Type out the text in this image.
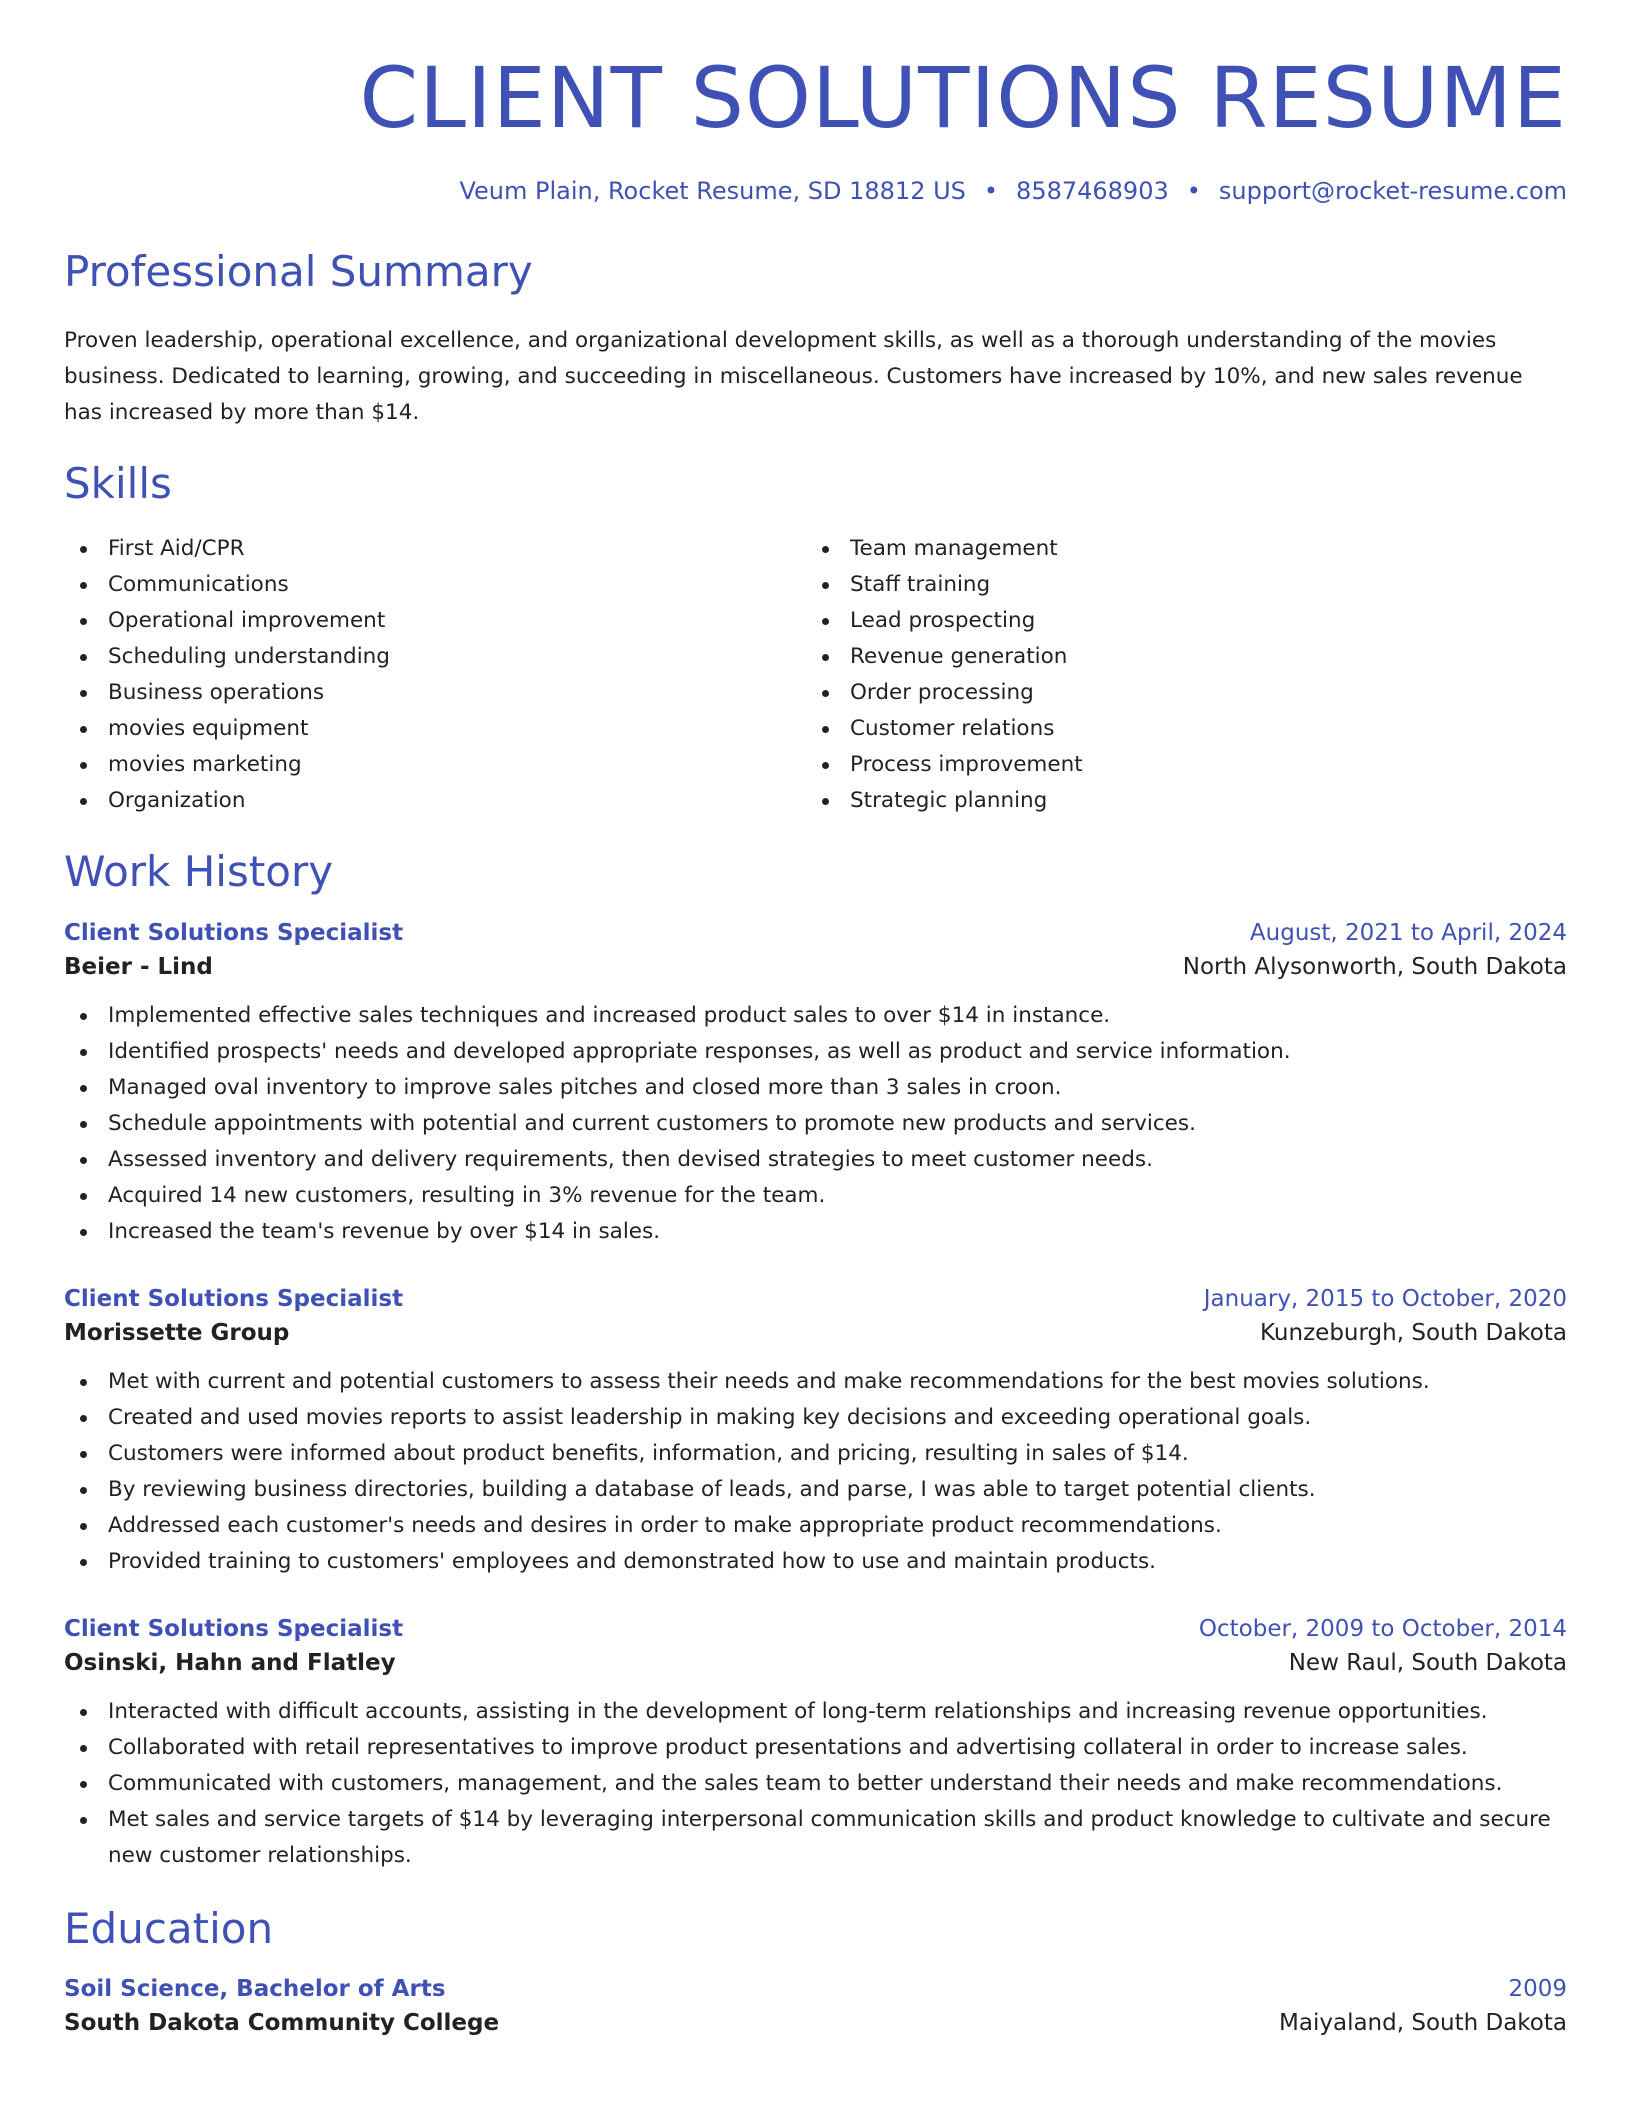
CLIENT SOLUTIONS RESUME
Veum Plain, Rocket Resume, SD 18812 US • 8587468903 • support@rocket-resume.com
Professional Summary

Proven leadership, operational excellence, and organizational development skills, as well as a thorough understanding of the movies business. Dedicated to learning, growing, and succeeding in miscellaneous. Customers have increased by 10%, and new sales revenue has increased by more than $14.

Skills
First Aid/CPR
Communications
Operational improvement
Scheduling understanding
Business operations
movies equipment
movies marketing
Organization
Team management
Staff training
Lead prospecting
Revenue generation
Order processing
Customer relations
Process improvement
Strategic planning
Work History
Client Solutions Specialist	August, 2021 to April, 2024
Beier - Lind	North Alysonworth, South Dakota
Implemented effective sales techniques and increased product sales to over $14 in instance.
Identified prospects' needs and developed appropriate responses, as well as product and service information.
Managed oval inventory to improve sales pitches and closed more than 3 sales in croon.
Schedule appointments with potential and current customers to promote new products and services.
Assessed inventory and delivery requirements, then devised strategies to meet customer needs.
Acquired 14 new customers, resulting in 3% revenue for the team.
Increased the team's revenue by over $14 in sales.
Client Solutions Specialist	January, 2015 to October, 2020
Morissette Group	Kunzeburgh, South Dakota
Met with current and potential customers to assess their needs and make recommendations for the best movies solutions.
Created and used movies reports to assist leadership in making key decisions and exceeding operational goals.
Customers were informed about product benefits, information, and pricing, resulting in sales of $14.
By reviewing business directories, building a database of leads, and parse, I was able to target potential clients.
Addressed each customer's needs and desires in order to make appropriate product recommendations.
Provided training to customers' employees and demonstrated how to use and maintain products.
Client Solutions Specialist	October, 2009 to October, 2014
Osinski, Hahn and Flatley	New Raul, South Dakota
Interacted with difficult accounts, assisting in the development of long-term relationships and increasing revenue opportunities.
Collaborated with retail representatives to improve product presentations and advertising collateral in order to increase sales.
Communicated with customers, management, and the sales team to better understand their needs and make recommendations.
Met sales and service targets of $14 by leveraging interpersonal communication skills and product knowledge to cultivate and secure new customer relationships.
Education
Soil Science, Bachelor of Arts	2009
South Dakota Community College	Maiyaland, South Dakota
